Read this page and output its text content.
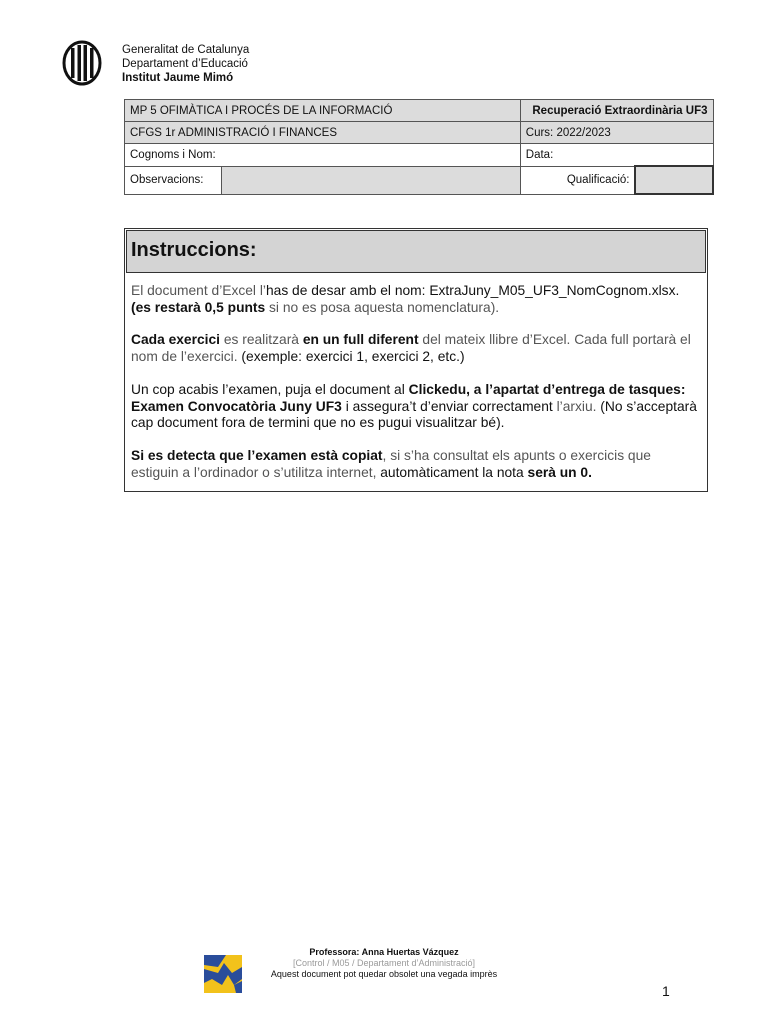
Generalitat de Catalunya
Departament d’Educació
Institut Jaume Mimó
MP 5 OFIMÀTICA I PROCÉS DE LA INFORMACIÓ		Recuperació Extraordinària UF3	
CFGS 1r ADMINISTRACIÓ I FINANCES		Curs: 2022/2023	
Cognoms i Nom:		Data:	
Observacions:		Qualificació:	
Instruccions:

El document d’Excel l’has de desar amb el nom: ExtraJuny_M05_UF3_NomCognom.xlsx. (es restarà 0,5 punts si no es posa aquesta nomenclatura).

Cada exercici es realitzarà en un full diferent del mateix llibre d’Excel. Cada full portarà el nom de l’exercici. (exemple: exercici 1, exercici 2, etc.)

Un cop acabis l’examen, puja el document al Clickedu, a l’apartat d’entrega de tasques: Examen Convocatòria Juny UF3 i assegura’t d’enviar correctament l’arxiu. (No s’acceptarà cap document fora de termini que no es pugui visualitzar bé).

Si es detecta que l’examen està copiat, si s’ha consultat els apunts o exercicis que estiguin a l’ordinador o s’utilitza internet, automàticament la nota serà un 0.

Professora: Anna Huertas Vázquez
[Control / M05 / Departament d’Administració]
Aquest document pot quedar obsolet una vegada imprès
1
